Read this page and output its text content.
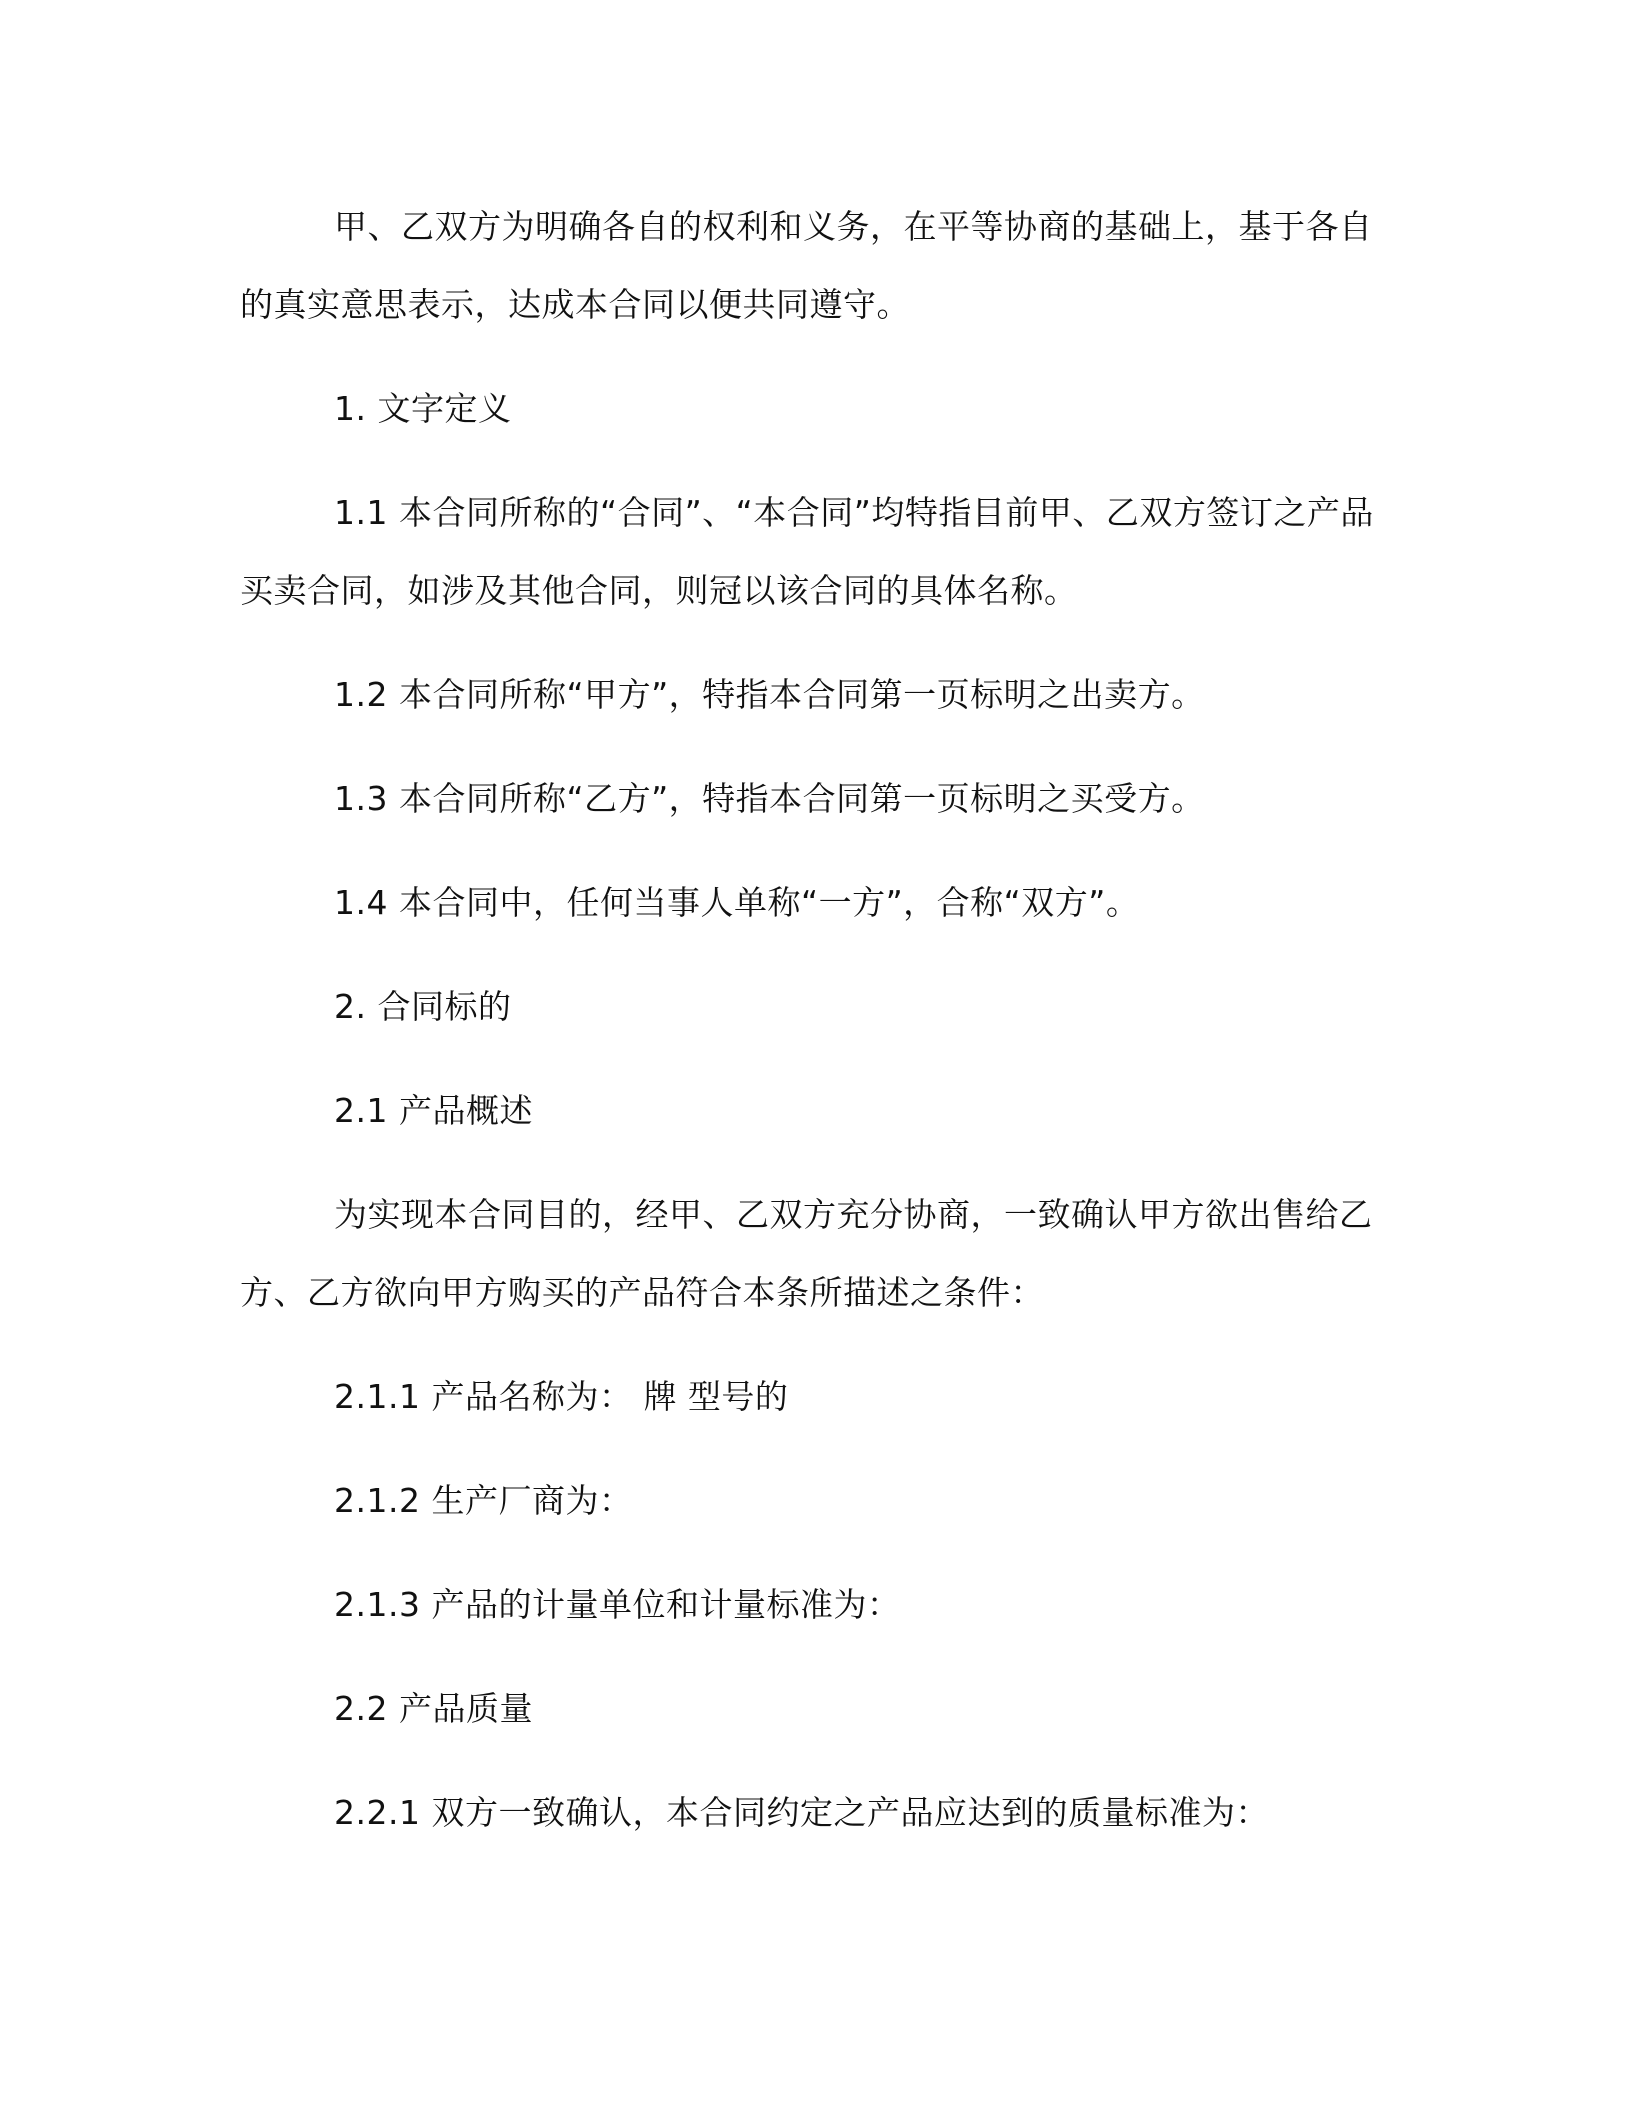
甲、乙双方为明确各自的权利和义务，在平等协商的基础上，基于各自的真实意思表示，达成本合同以便共同遵守。

1. 文字定义

1.1 本合同所称的“合同”、“本合同”均特指目前甲、乙双方签订之产品买卖合同，如涉及其他合同，则冠以该合同的具体名称。

1.2 本合同所称“甲方”，特指本合同第一页标明之出卖方。

1.3 本合同所称“乙方”，特指本合同第一页标明之买受方。

1.4 本合同中，任何当事人单称“一方”，合称“双方”。

2. 合同标的

2.1 产品概述

为实现本合同目的，经甲、乙双方充分协商，一致确认甲方欲出售给乙方、乙方欲向甲方购买的产品符合本条所描述之条件：

2.1.1 产品名称为： 牌 型号的

2.1.2 生产厂商为：

2.1.3 产品的计量单位和计量标准为：

2.2 产品质量

2.2.1 双方一致确认，本合同约定之产品应达到的质量标准为：
